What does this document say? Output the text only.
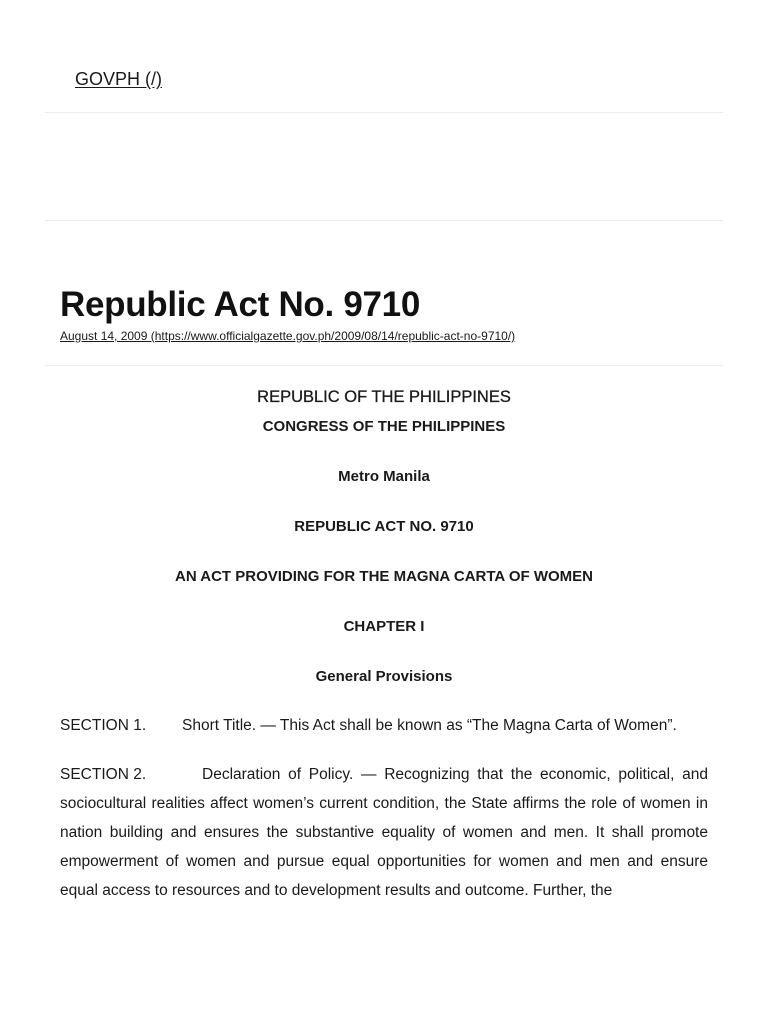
GOVPH (/)
Republic Act No. 9710
August 14, 2009 (https://www.officialgazette.gov.ph/2009/08/14/republic-act-no-9710/)

REPUBLIC OF THE PHILIPPINES

CONGRESS OF THE PHILIPPINES

Metro Manila

REPUBLIC ACT NO. 9710

AN ACT PROVIDING FOR THE MAGNA CARTA OF WOMEN

CHAPTER I

General Provisions

SECTION 1. Short Title. — This Act shall be known as “The Magna Carta of Women”.

SECTION 2.	Declaration of Policy. — Recognizing that the economic, political, and sociocultural realities affect women’s current condition, the State affirms the role of women in nation building and ensures the substantive equality of women and men. It shall promote empowerment of women and pursue equal opportunities for women and men and ensure equal access to resources and to development results and outcome. Further, the
